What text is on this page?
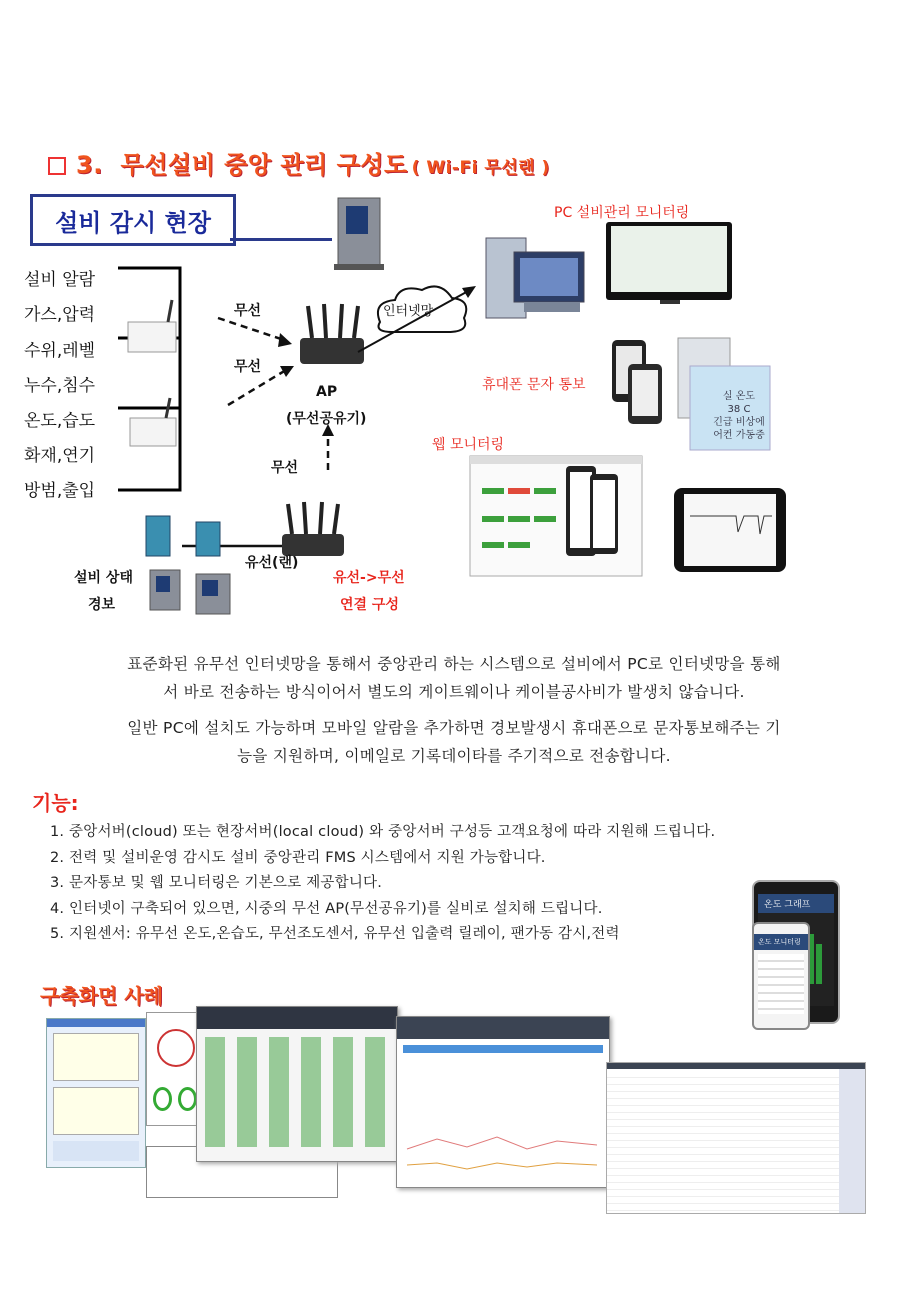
3. 무선설비 중앙 관리 구성도 ( Wi-Fi 무선랜 )
설비 감시 현장
설비 알람
가스,압력
수위,레벨
누수,침수
온도,습도
화재,연기
방범,출입
무선
무선
무선
AP
(무선공유기)
인터넷망
PC 설비관리 모니터링
휴대폰 문자 통보
웹 모니터링
유선(랜)
유선->무선
연결 구성
설비 상태
경보
실 온도
38 C
긴급 비상에
어컨 가동중
표준화된 유무선 인터넷망을 통해서 중앙관리 하는 시스템으로 설비에서 PC로 인터넷망을 통해
서 바로 전송하는 방식이어서 별도의 게이트웨이나 케이블공사비가 발생치 않습니다.
일반 PC에 설치도 가능하며 모바일 알람을 추가하면 경보발생시 휴대폰으로 문자통보해주는 기
능을 지원하며, 이메일로 기록데이타를 주기적으로 전송합니다.
기능:
1. 중앙서버(cloud) 또는 현장서버(local cloud) 와 중앙서버 구성등 고객요청에 따라 지원해 드립니다.
2. 전력 및 설비운영 감시도 설비 중앙관리 FMS 시스템에서 지원 가능합니다.
3. 문자통보 및 웹 모니터링은 기본으로 제공합니다.
4. 인터넷이 구축되어 있으면, 시중의 무선 AP(무선공유기)를 실비로 설치해 드립니다.
5. 지원센서: 유무선 온도,온습도, 무선조도센서, 유무선 입출력 릴레이, 팬가동 감시,전력
온도 그래프
온도 모니터링
구축화면 사례
